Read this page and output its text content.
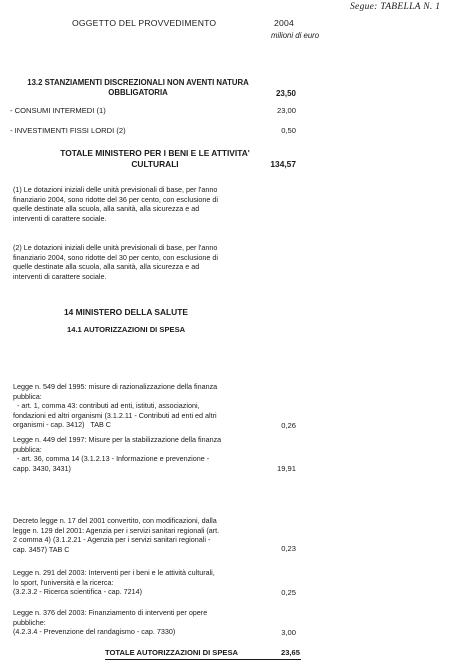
Segue: TABELLA N. 1
OGGETTO DEL PROVVEDIMENTO	2004
milioni di euro
13.2 STANZIAMENTI DISCREZIONALI NON AVENTI NATURA
OBBLIGATORIA	23,50
- CONSUMI INTERMEDI (1)	23,00
- INVESTIMENTI FISSI LORDI (2)	0,50
TOTALE MINISTERO PER I BENI E LE ATTIVITA'
CULTURALI	134,57
(1) Le dotazioni iniziali delle unità previsionali di base, per l'anno
finanziario 2004, sono ridotte del 36 per cento, con esclusione di
quelle destinate alla scuola, alla sanità, alla sicurezza e ad
interventi di carattere sociale.
(2) Le dotazioni iniziali delle unità previsionali di base, per l'anno
finanziario 2004, sono ridotte del 30 per cento, con esclusione di
quelle destinate alla scuola, alla sanità, alla sicurezza e ad
interventi di carattere sociale.
14 MINISTERO DELLA SALUTE
14.1 AUTORIZZAZIONI DI SPESA
Legge n. 549 del 1995: misure di razionalizzazione della finanza
pubblica:
- art. 1, comma 43: contributi ad enti, istituti, associazioni,
fondazioni ed altri organismi (3.1.2.11 - Contributi ad enti ed altri
organismi - cap. 3412)   TAB C	0,26
Legge n. 449 del 1997: Misure per la stabilizzazione della finanza
pubblica:
- art. 36, comma 14 (3.1.2.13 - Informazione e prevenzione -
capp. 3430, 3431)	19,91
Decreto legge n. 17 del 2001 convertito, con modificazioni, dalla
legge n. 129 del 2001: Agenzia per i servizi sanitari regionali (art.
2 comma 4) (3.1.2.21 - Agenzia per i servizi sanitari regionali -
cap. 3457) TAB C	0,23
Legge n. 291 del 2003: Interventi per i beni e le attività culturali,
lo sport, l'università e la ricerca:
(3.2.3.2 - Ricerca scientifica - cap. 7214)	0,25
Legge n. 376 del 2003: Finanziamento di interventi per opere
pubbliche:
(4.2.3.4 - Prevenzione del randagismo - cap. 7330)	3,00
TOTALE AUTORIZZAZIONI DI SPESA	23,65
